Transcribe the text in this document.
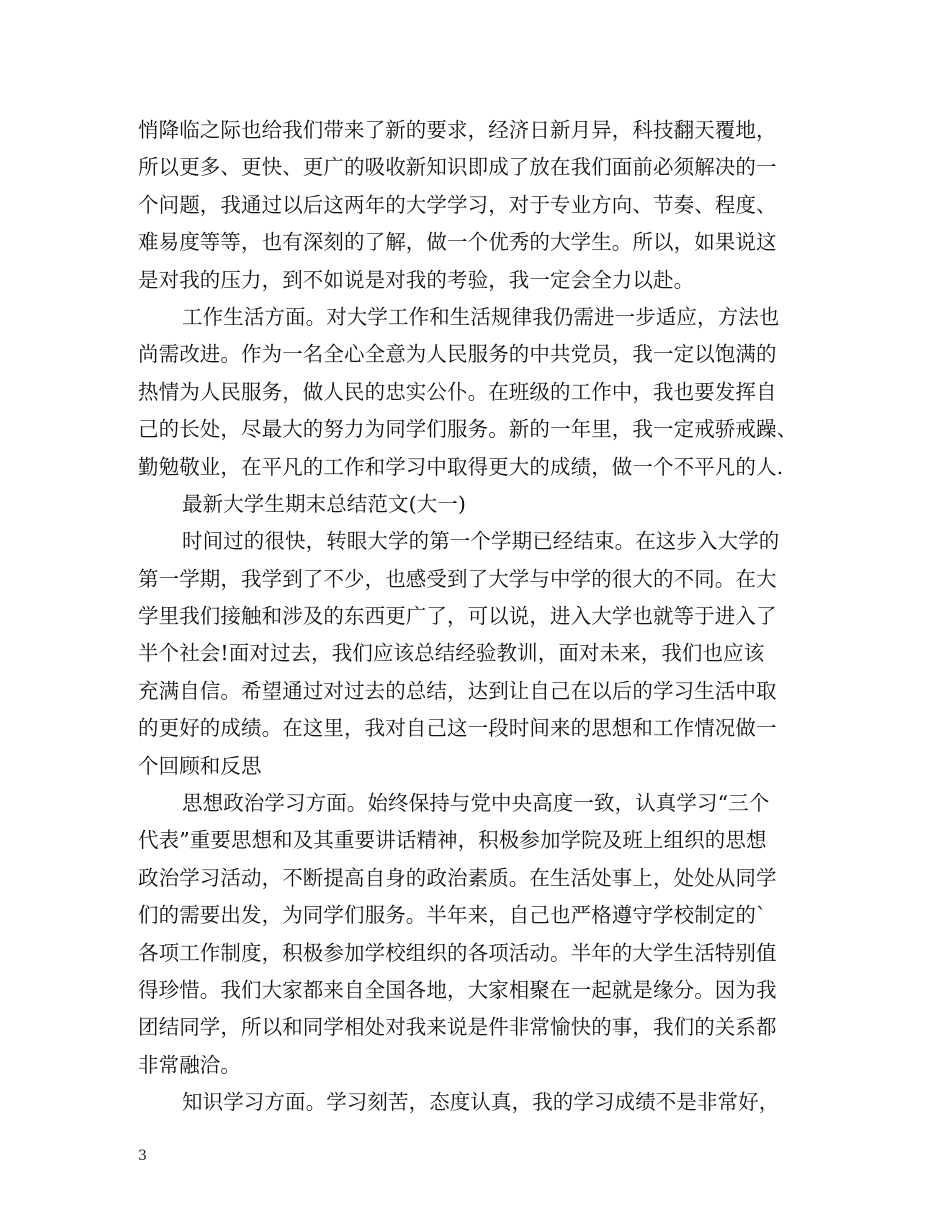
悄降临之际也给我们带来了新的要求，经济日新月异，科技翻天覆地，
所以更多、更快、更广的吸收新知识即成了放在我们面前必须解决的一
个问题，我通过以后这两年的大学学习，对于专业方向、节奏、程度、
难易度等等，也有深刻的了解，做一个优秀的大学生。所以，如果说这
是对我的压力，到不如说是对我的考验，我一定会全力以赴。
工作生活方面。对大学工作和生活规律我仍需进一步适应，方法也
尚需改进。作为一名全心全意为人民服务的中共党员，我一定以饱满的
热情为人民服务，做人民的忠实公仆。在班级的工作中，我也要发挥自
己的长处，尽最大的努力为同学们服务。新的一年里，我一定戒骄戒躁、
勤勉敬业，在平凡的工作和学习中取得更大的成绩，做一个不平凡的人.
最新大学生期末总结范文(大一)
时间过的很快，转眼大学的第一个学期已经结束。在这步入大学的
第一学期，我学到了不少，也感受到了大学与中学的很大的不同。在大
学里我们接触和涉及的东西更广了，可以说，进入大学也就等于进入了
半个社会!面对过去，我们应该总结经验教训，面对未来，我们也应该
充满自信。希望通过对过去的总结，达到让自己在以后的学习生活中取
的更好的成绩。在这里，我对自己这一段时间来的思想和工作情况做一
个回顾和反思
思想政治学习方面。始终保持与党中央高度一致，认真学习“三个
代表”重要思想和及其重要讲话精神，积极参加学院及班上组织的思想
政治学习活动，不断提高自身的政治素质。在生活处事上，处处从同学
们的需要出发，为同学们服务。半年来，自己也严格遵守学校制定的`
各项工作制度，积极参加学校组织的各项活动。半年的大学生活特别值
得珍惜。我们大家都来自全国各地，大家相聚在一起就是缘分。因为我
团结同学，所以和同学相处对我来说是件非常愉快的事，我们的关系都
非常融洽。
知识学习方面。学习刻苦，态度认真，我的学习成绩不是非常好，
3
